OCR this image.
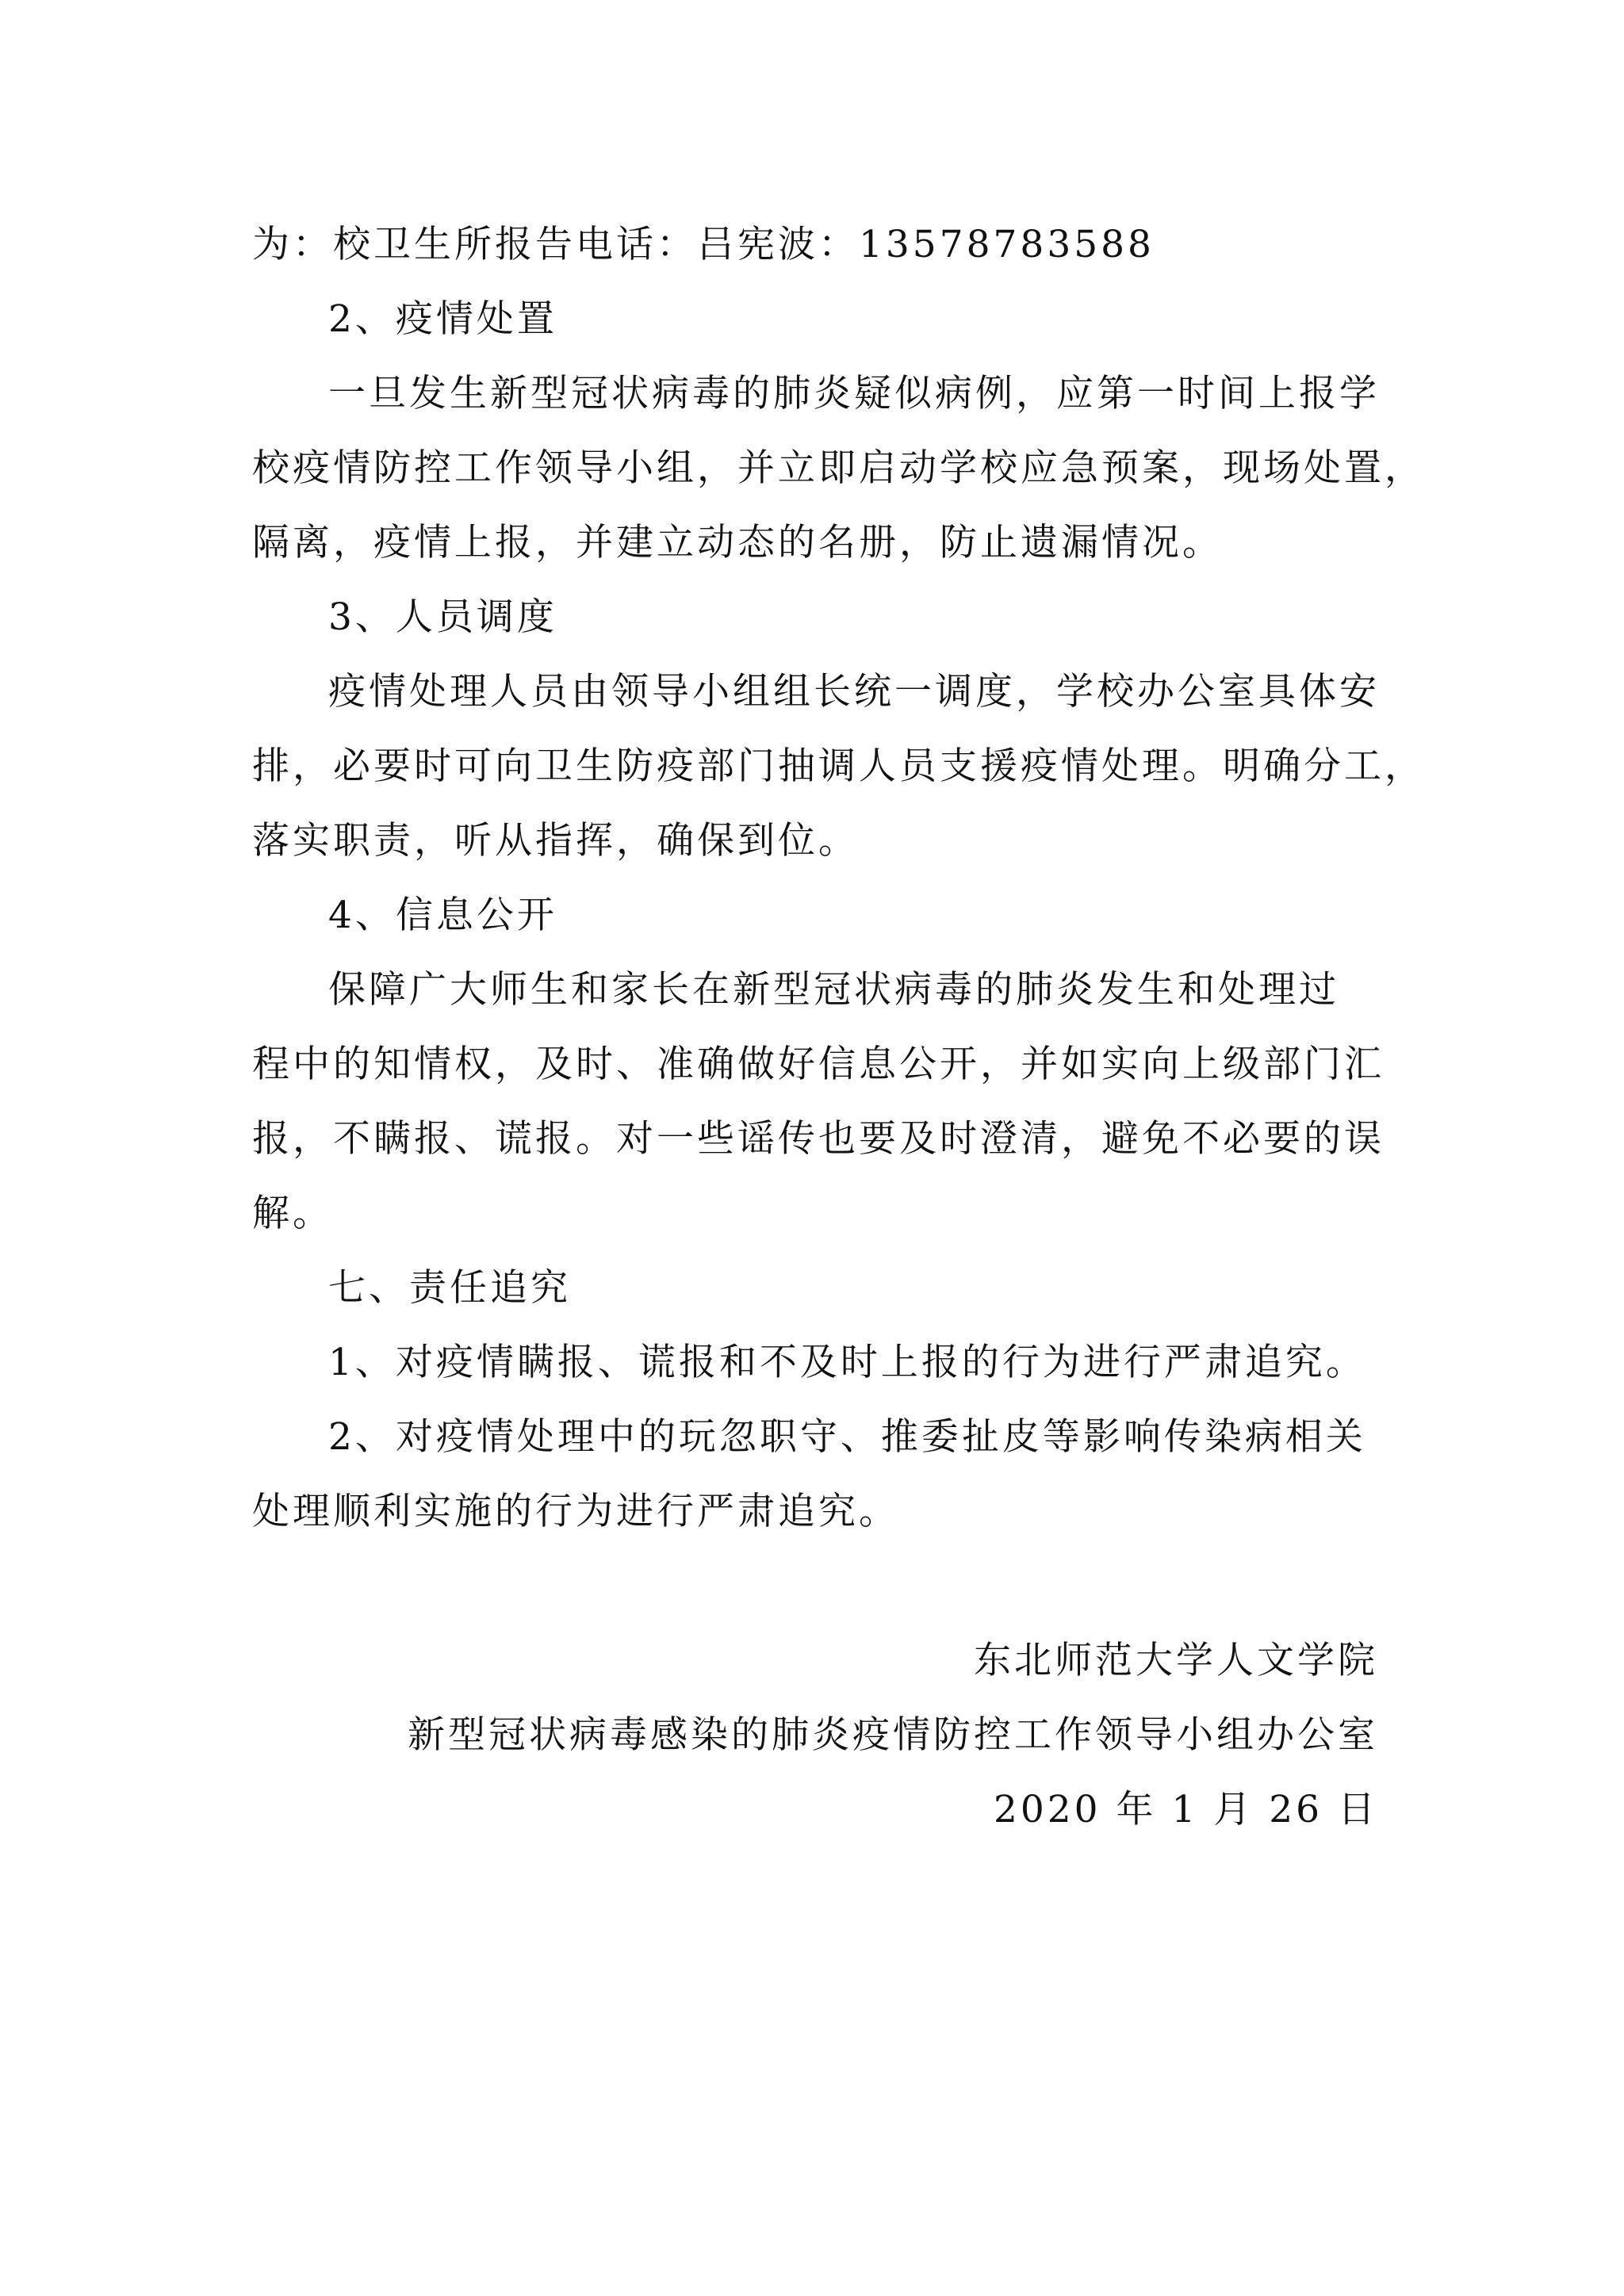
为：校卫生所报告电话：吕宪波：13578783588
2、疫情处置
一旦发生新型冠状病毒的肺炎疑似病例，应第一时间上报学
校疫情防控工作领导小组，并立即启动学校应急预案，现场处置，
隔离，疫情上报，并建立动态的名册，防止遗漏情况。
3、人员调度
疫情处理人员由领导小组组长统一调度，学校办公室具体安
排，必要时可向卫生防疫部门抽调人员支援疫情处理。明确分工，
落实职责，听从指挥，确保到位。
4、信息公开
保障广大师生和家长在新型冠状病毒的肺炎发生和处理过
程中的知情权，及时、准确做好信息公开，并如实向上级部门汇
报，不瞒报、谎报。对一些谣传也要及时澄清，避免不必要的误
解。
七、责任追究
1、对疫情瞒报、谎报和不及时上报的行为进行严肃追究。
2、对疫情处理中的玩忽职守、推委扯皮等影响传染病相关
处理顺利实施的行为进行严肃追究。
东北师范大学人文学院
新型冠状病毒感染的肺炎疫情防控工作领导小组办公室
2020 年 1 月 26 日
